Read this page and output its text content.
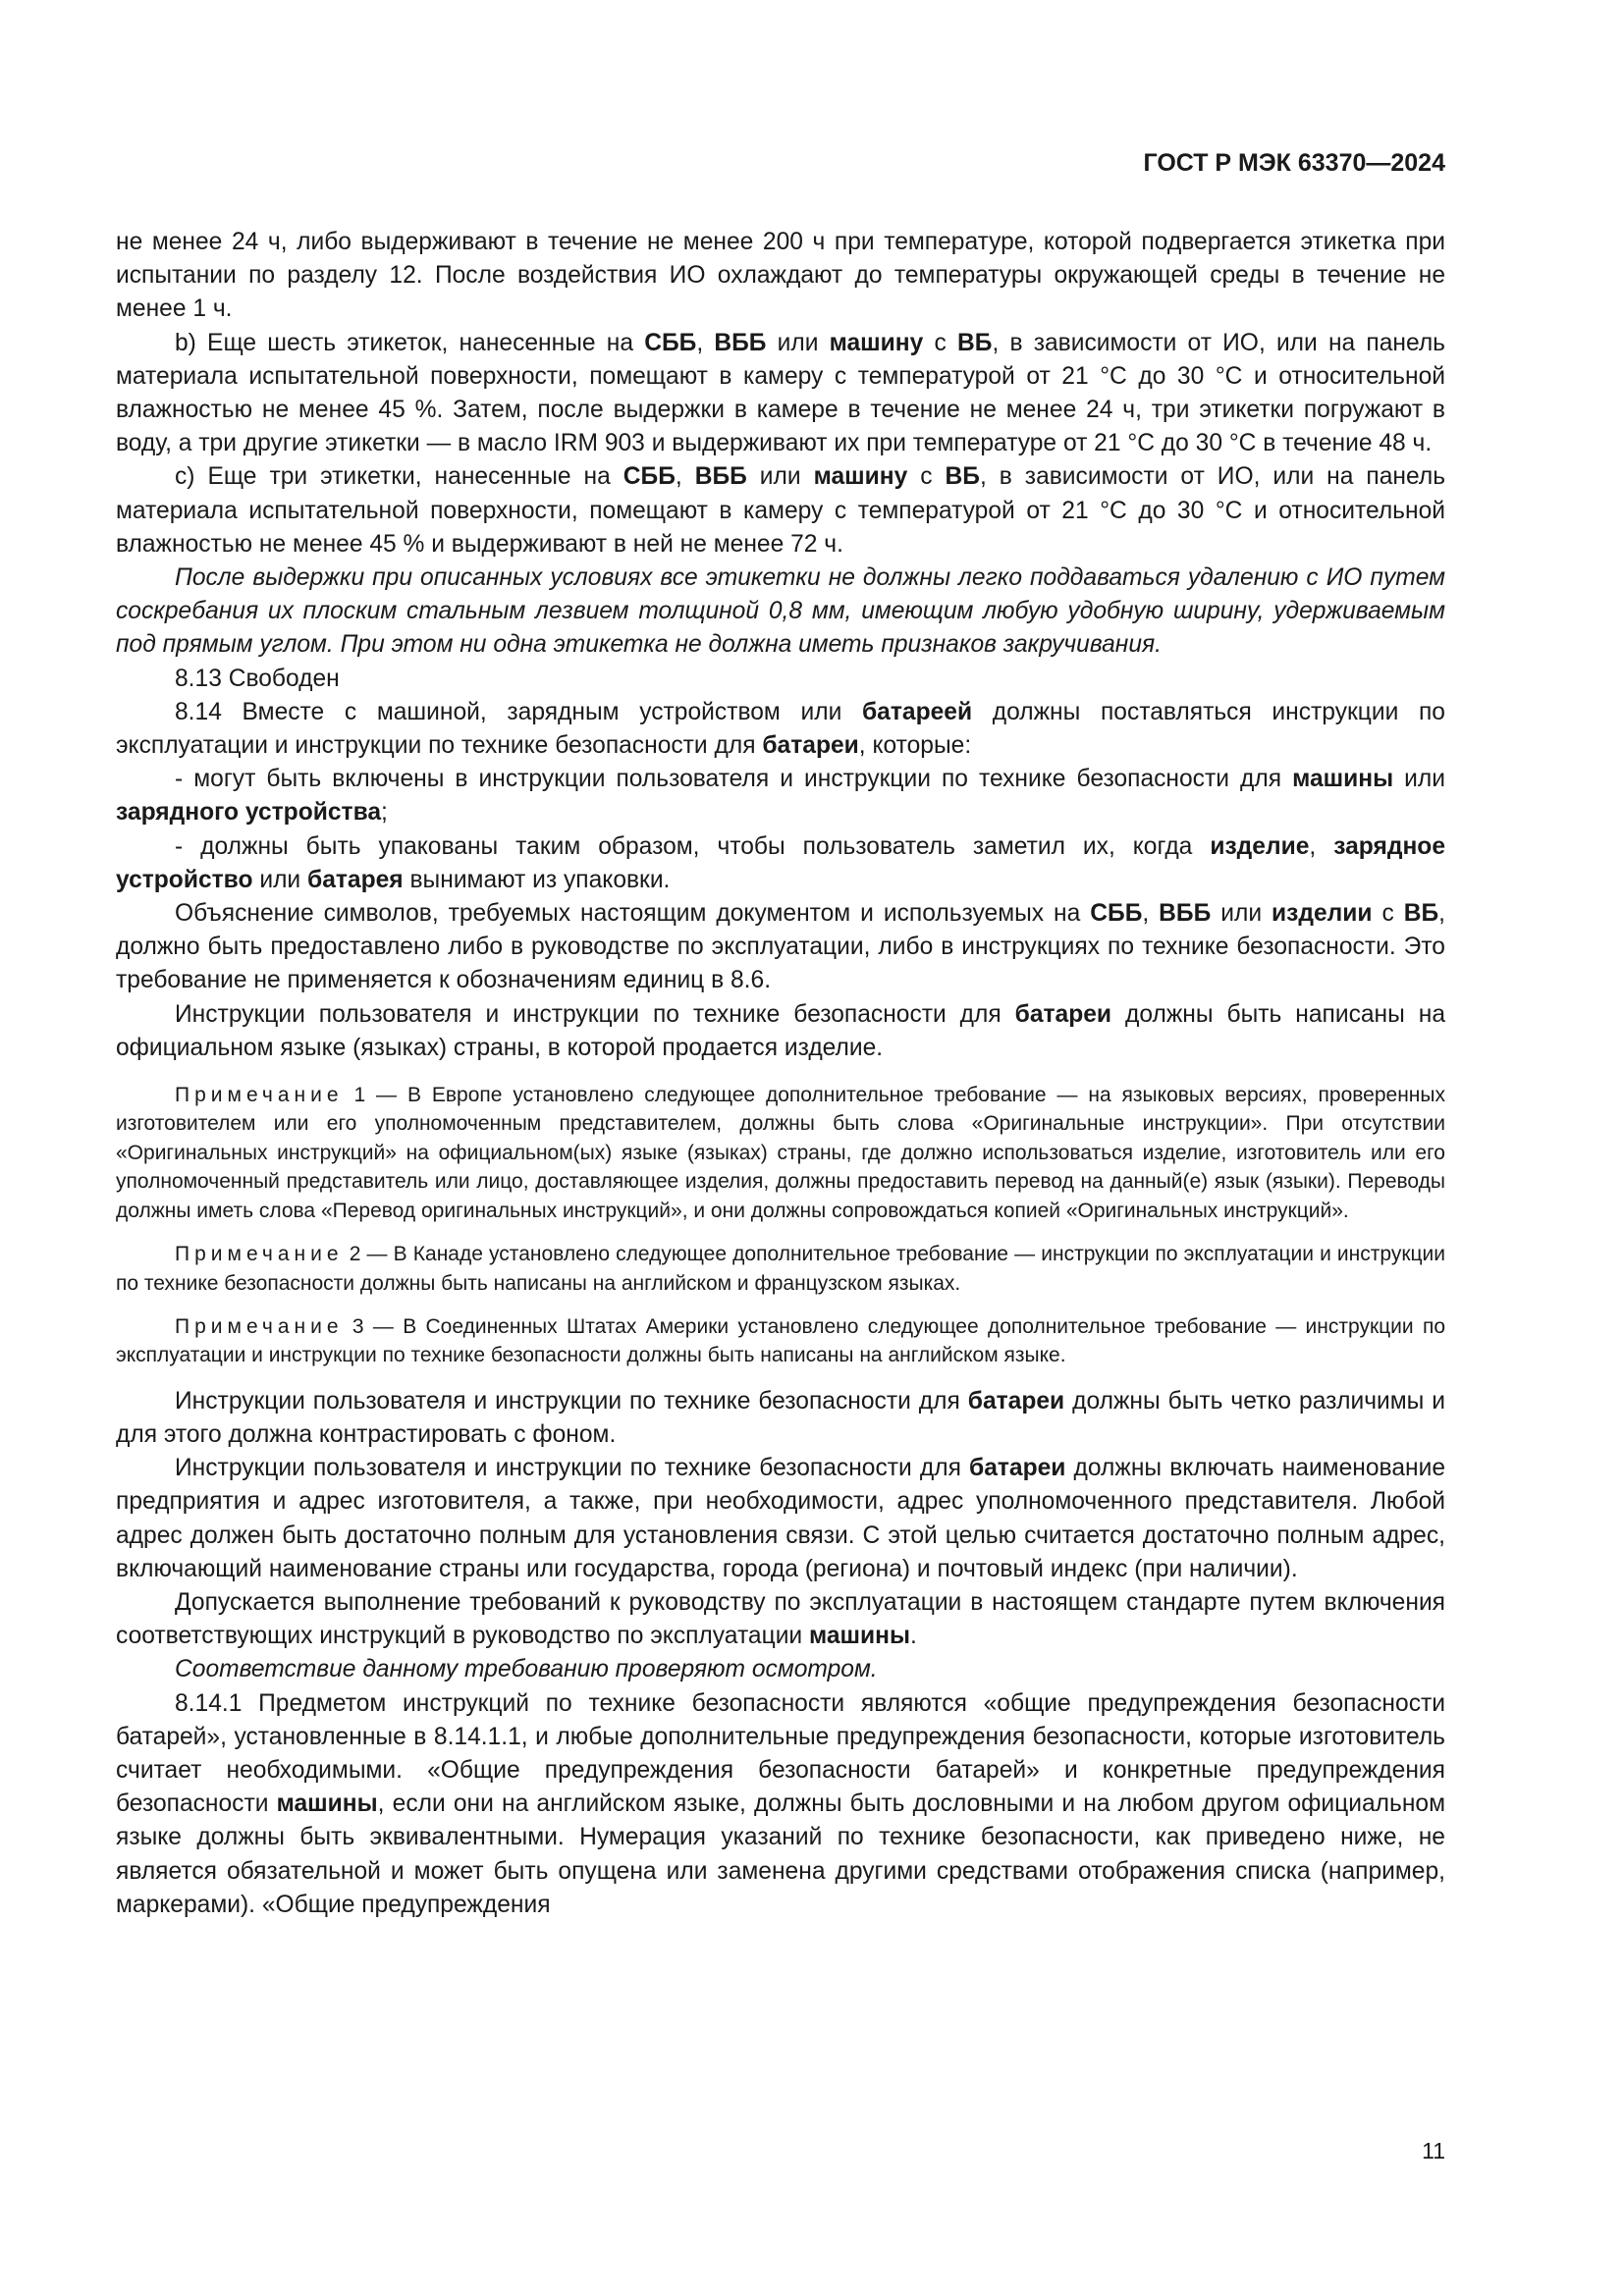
ГОСТ Р МЭК 63370—2024

не менее 24 ч, либо выдерживают в течение не менее 200 ч при температуре, которой подвергается этикетка при испытании по разделу 12. После воздействия ИО охлаждают до температуры окружающей среды в течение не менее 1 ч.

b) Еще шесть этикеток, нанесенные на СББ, ВББ или машину с ВБ, в зависимости от ИО, или на панель материала испытательной поверхности, помещают в камеру с температурой от 21 °С до 30 °С и относительной влажностью не менее 45 %. Затем, после выдержки в камере в течение не менее 24 ч, три этикетки погружают в воду, а три другие этикетки — в масло IRM 903 и выдерживают их при температуре от 21 °С до 30 °С в течение 48 ч.

c) Еще три этикетки, нанесенные на СББ, ВББ или машину с ВБ, в зависимости от ИО, или на панель материала испытательной поверхности, помещают в камеру с температурой от 21 °С до 30 °С и относительной влажностью не менее 45 % и выдерживают в ней не менее 72 ч.

После выдержки при описанных условиях все этикетки не должны легко поддаваться удалению с ИО путем соскребания их плоским стальным лезвием толщиной 0,8 мм, имеющим любую удобную ширину, удерживаемым под прямым углом. При этом ни одна этикетка не должна иметь признаков закручивания.

8.13 Свободен

8.14 Вместе с машиной, зарядным устройством или батареей должны поставляться инструкции по эксплуатации и инструкции по технике безопасности для батареи, которые:

- могут быть включены в инструкции пользователя и инструкции по технике безопасности для машины или зарядного устройства;

- должны быть упакованы таким образом, чтобы пользователь заметил их, когда изделие, зарядное устройство или батарея вынимают из упаковки.

Объяснение символов, требуемых настоящим документом и используемых на СББ, ВББ или изделии с ВБ, должно быть предоставлено либо в руководстве по эксплуатации, либо в инструкциях по технике безопасности. Это требование не применяется к обозначениям единиц в 8.6.

Инструкции пользователя и инструкции по технике безопасности для батареи должны быть написаны на официальном языке (языках) страны, в которой продается изделие.

Примечание 1 — В Европе установлено следующее дополнительное требование — на языковых версиях, проверенных изготовителем или его уполномоченным представителем, должны быть слова «Оригинальные инструкции». При отсутствии «Оригинальных инструкций» на официальном(ых) языке (языках) страны, где должно использоваться изделие, изготовитель или его уполномоченный представитель или лицо, доставляющее изделия, должны предоставить перевод на данный(е) язык (языки). Переводы должны иметь слова «Перевод оригинальных инструкций», и они должны сопровождаться копией «Оригинальных инструкций».

Примечание 2 — В Канаде установлено следующее дополнительное требование — инструкции по эксплуатации и инструкции по технике безопасности должны быть написаны на английском и французском языках.

Примечание 3 — В Соединенных Штатах Америки установлено следующее дополнительное требование — инструкции по эксплуатации и инструкции по технике безопасности должны быть написаны на английском языке.

Инструкции пользователя и инструкции по технике безопасности для батареи должны быть четко различимы и для этого должна контрастировать с фоном.

Инструкции пользователя и инструкции по технике безопасности для батареи должны включать наименование предприятия и адрес изготовителя, а также, при необходимости, адрес уполномоченного представителя. Любой адрес должен быть достаточно полным для установления связи. С этой целью считается достаточно полным адрес, включающий наименование страны или государства, города (региона) и почтовый индекс (при наличии).

Допускается выполнение требований к руководству по эксплуатации в настоящем стандарте путем включения соответствующих инструкций в руководство по эксплуатации машины.

Соответствие данному требованию проверяют осмотром.

8.14.1 Предметом инструкций по технике безопасности являются «общие предупреждения безопасности батарей», установленные в 8.14.1.1, и любые дополнительные предупреждения безопасности, которые изготовитель считает необходимыми. «Общие предупреждения безопасности батарей» и конкретные предупреждения безопасности машины, если они на английском языке, должны быть дословными и на любом другом официальном языке должны быть эквивалентными. Нумерация указаний по технике безопасности, как приведено ниже, не является обязательной и может быть опущена или заменена другими средствами отображения списка (например, маркерами). «Общие предупреждения

11
